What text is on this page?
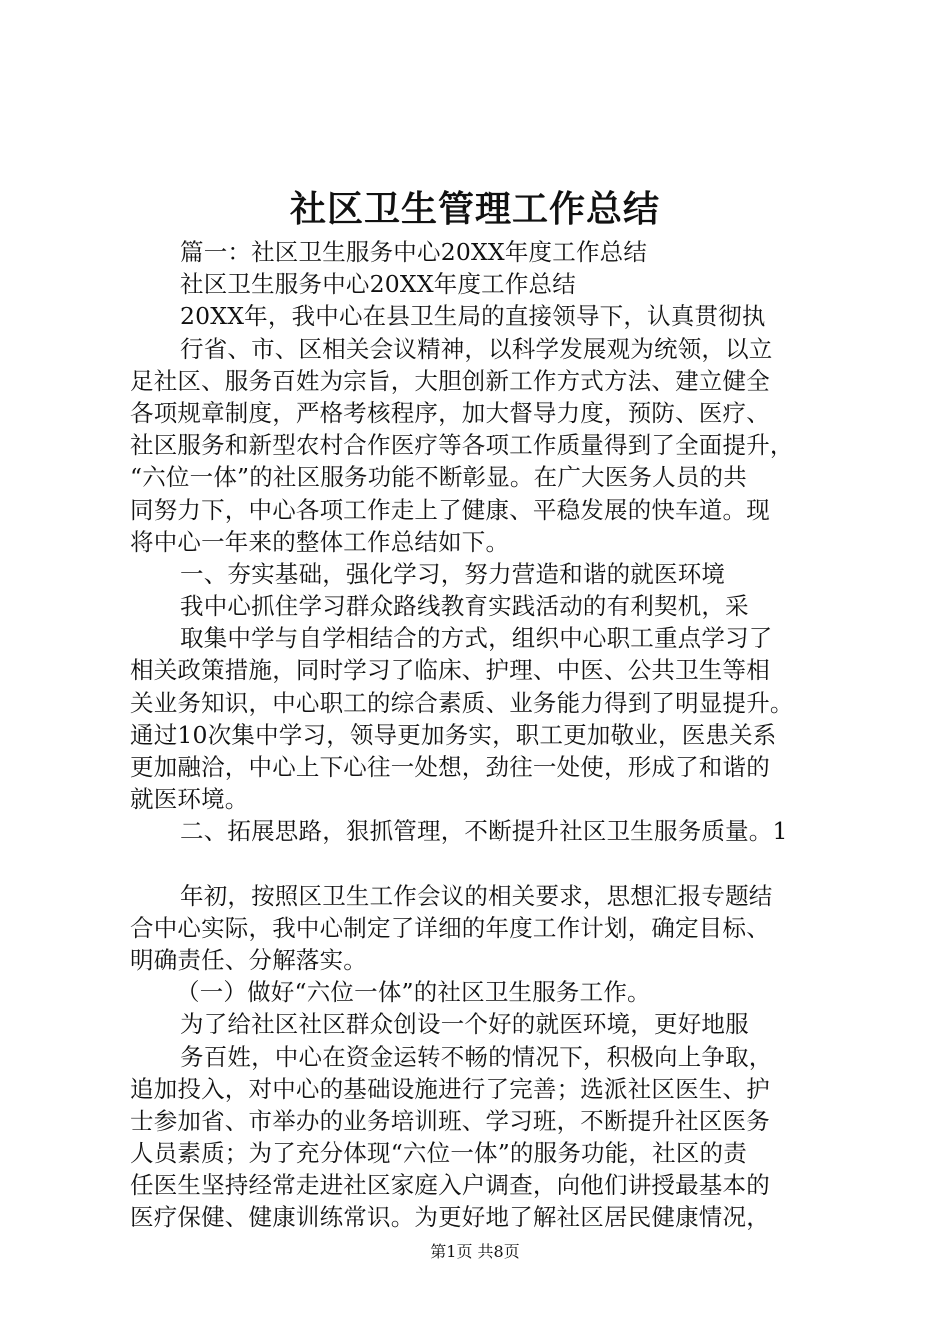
社区卫生管理工作总结
篇一：社区卫生服务中心20XX年度工作总结
社区卫生服务中心20XX年度工作总结
20XX年，我中心在县卫生局的直接领导下，认真贯彻执
行省、市、区相关会议精神，以科学发展观为统领，以立
足社区、服务百姓为宗旨，大胆创新工作方式方法、建立健全
各项规章制度，严格考核程序，加大督导力度，预防、医疗、
社区服务和新型农村合作医疗等各项工作质量得到了全面提升，
“六位一体”的社区服务功能不断彰显。在广大医务人员的共
同努力下，中心各项工作走上了健康、平稳发展的快车道。现
将中心一年来的整体工作总结如下。
一、夯实基础，强化学习，努力营造和谐的就医环境
我中心抓住学习群众路线教育实践活动的有利契机，采
取集中学与自学相结合的方式，组织中心职工重点学习了
相关政策措施，同时学习了临床、护理、中医、公共卫生等相
关业务知识，中心职工的综合素质、业务能力得到了明显提升。
通过10次集中学习，领导更加务实，职工更加敬业，医患关系
更加融洽，中心上下心往一处想，劲往一处使，形成了和谐的
就医环境。
二、拓展思路，狠抓管理，不断提升社区卫生服务质量。1
年初，按照区卫生工作会议的相关要求，思想汇报专题结
合中心实际，我中心制定了详细的年度工作计划，确定目标、
明确责任、分解落实。
（一）做好“六位一体”的社区卫生服务工作。
为了给社区社区群众创设一个好的就医环境，更好地服
务百姓，中心在资金运转不畅的情况下，积极向上争取，
追加投入，对中心的基础设施进行了完善；选派社区医生、护
士参加省、市举办的业务培训班、学习班，不断提升社区医务
人员素质；为了充分体现“六位一体”的服务功能，社区的责
任医生坚持经常走进社区家庭入户调查，向他们讲授最基本的
医疗保健、健康训练常识。为更好地了解社区居民健康情况，
第1页 共8页
